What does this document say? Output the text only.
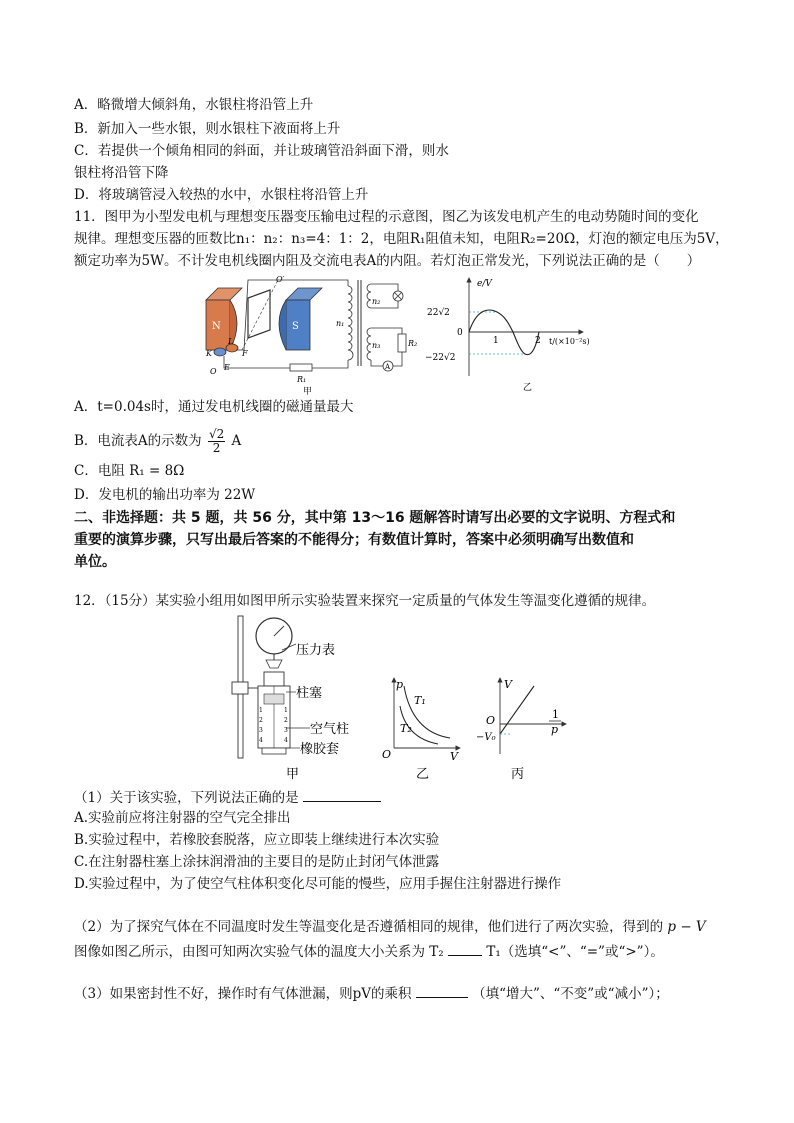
A．略微增大倾斜角，水银柱将沿管上升
B．新加入一些水银，则水银柱下液面将上升
C．若提供一个倾角相同的斜面，并让玻璃管沿斜面下滑，则水
银柱将沿管下降
D．将玻璃管浸入较热的水中，水银柱将沿管上升
11．图甲为小型发电机与理想变压器变压输电过程的示意图，图乙为该发电机产生的电动势随时间的变化
规律。理想变压器的匝数比n₁：n₂：n₃=4：1：2，电阻R₁阻值未知，电阻R₂=20Ω，灯泡的额定电压为5V，
额定功率为5W。不计发电机线圈内阻及交流电表A的内阻。若灯泡正常发光，下列说法正确的是（　　）
N	S
O′
K
L
O E
F
R₁
n₁
n₂
n₃	R₂
A
甲
e/V
22√2
0
−22√2
1	2 t/(×10⁻²s)
乙
A．t=0.04s时，通过发电机线圈的磁通量最大
B．电流表A的示数为 $\frac{√2}{2}$ A
C．电阻 R₁ = 8Ω
D．发电机的输出功率为 22W
二、非选择题：共 5 题，共 56 分，其中第 13～16 题解答时请写出必要的文字说明、方程式和
重要的演算步骤，只写出最后答案的不能得分；有数值计算时，答案中必须明确写出数值和
单位。
12．（15分）某实验小组用如图甲所示实验装置来探究一定质量的气体发生等温变化遵循的规律。
压力表
1
2
3
4
1
2
3
4
柱塞
空气柱
橡胶套
甲
p
V
O
T₁
T₂
乙
V
O
−V₀
1
p
丙
（1）关于该实验，下列说法正确的是
A.实验前应将注射器的空气完全排出
B.实验过程中，若橡胶套脱落，应立即装上继续进行本次实验
C.在注射器柱塞上涂抹润滑油的主要目的是防止封闭气体泄露
D.实验过程中，为了使空气柱体积变化尽可能的慢些，应用手握住注射器进行操作
（2）为了探究气体在不同温度时发生等温变化是否遵循相同的规律，他们进行了两次实验，得到的 p − V
图像如图乙所示，由图可知两次实验气体的温度大小关系为 T₂	T₁（选填“<”、“=”或“>”）。
（3）如果密封性不好，操作时有气体泄漏，则pV的乘积	（填“增大”、“不变”或“减小”）；
